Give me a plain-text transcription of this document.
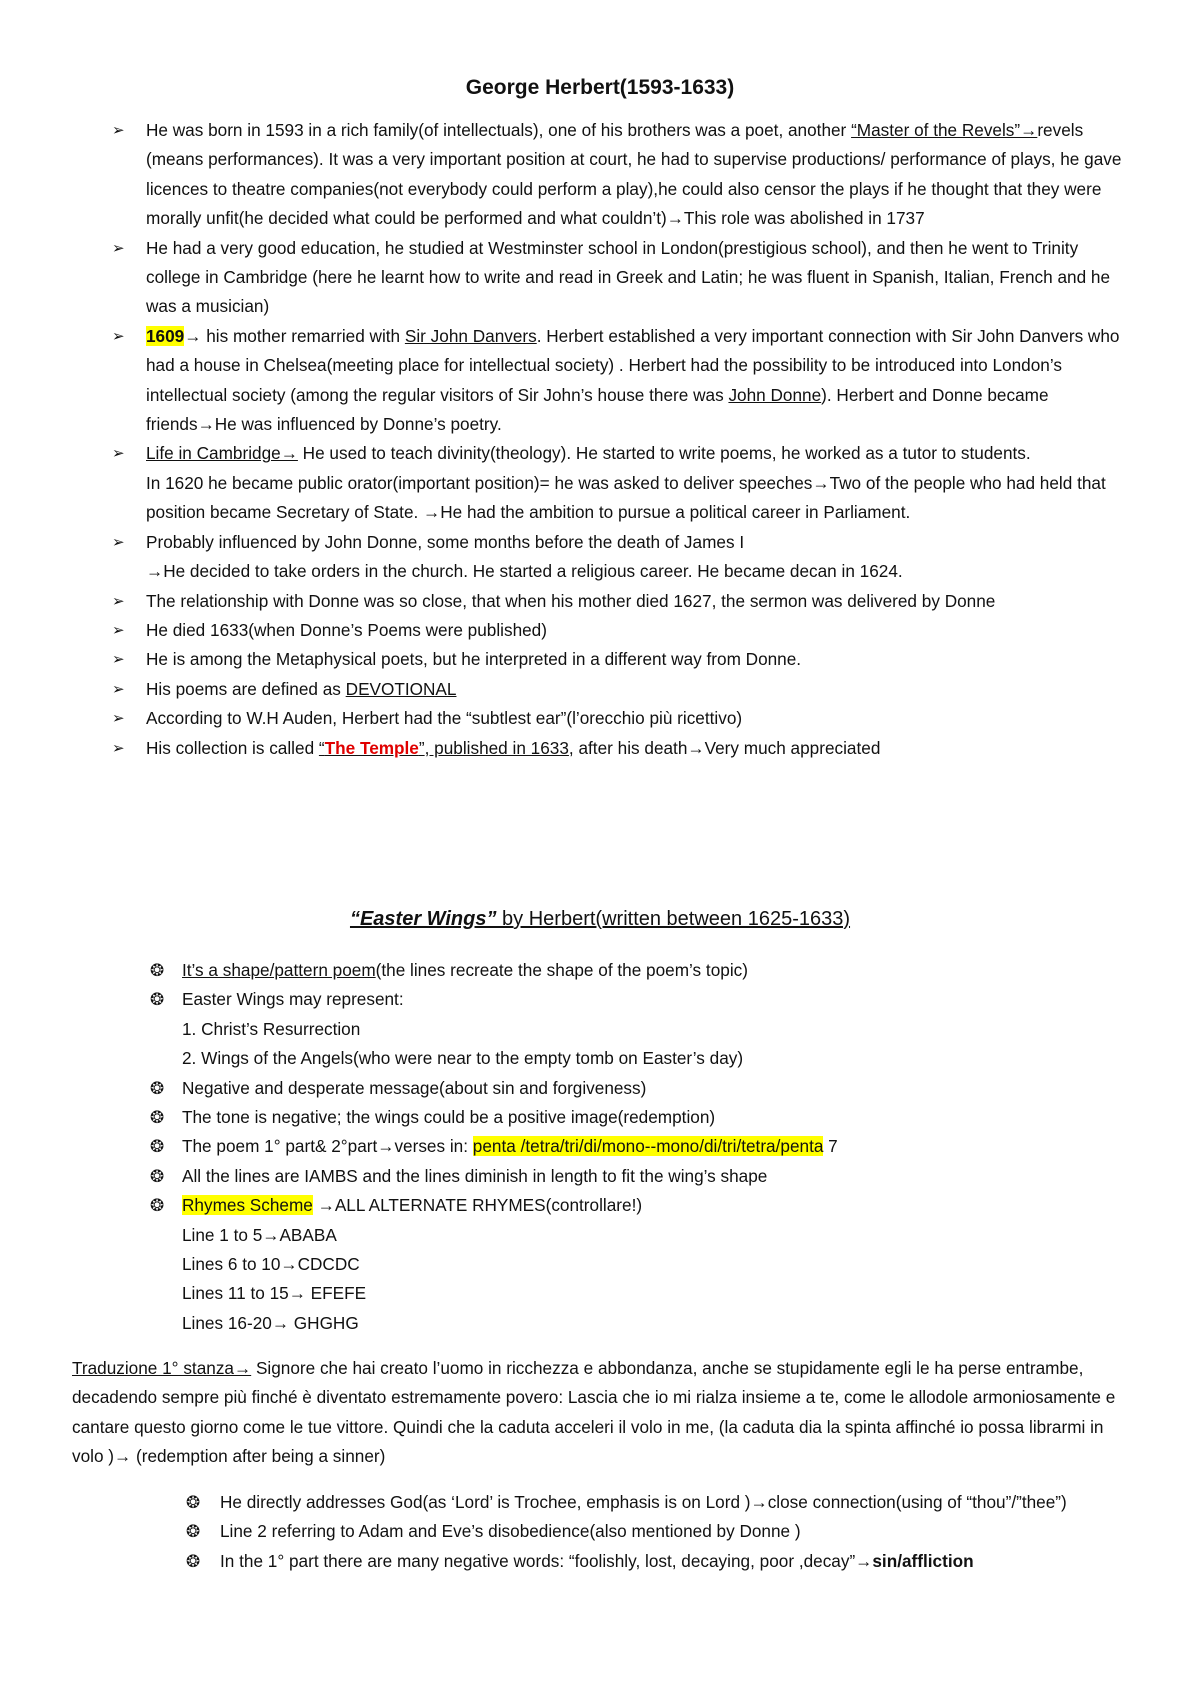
George Herbert(1593-1633)
➢ He was born in 1593 in a rich family(of intellectuals), one of his brothers was a poet, another “Master of the Revels”→revels (means performances). It was a very important position at court, he had to supervise productions/ performance of plays, he gave licences to theatre companies(not everybody could perform a play),he could also censor the plays if he thought that they were morally unfit(he decided what could be performed and what couldn’t)→This role was abolished in 1737
➢ He had a very good education, he studied at Westminster school in London(prestigious school), and then he went to Trinity college in Cambridge (here he learnt how to write and read in Greek and Latin; he was fluent in Spanish, Italian, French and he was a musician)
➢ 1609→ his mother remarried with Sir John Danvers. Herbert established a very important connection with Sir John Danvers who had a house in Chelsea(meeting place for intellectual society) . Herbert had the possibility to be introduced into London’s intellectual society (among the regular visitors of Sir John’s house there was John Donne). Herbert and Donne became friends→He was influenced by Donne’s poetry.
➢ Life in Cambridge→ He used to teach divinity(theology). He started to write poems, he worked as a tutor to students.
In 1620 he became public orator(important position)= he was asked to deliver speeches→Two of the people who had held that position became Secretary of State. →He had the ambition to pursue a political career in Parliament.
➢ Probably influenced by John Donne, some months before the death of James I
→He decided to take orders in the church. He started a religious career. He became decan in 1624.
➢ The relationship with Donne was so close, that when his mother died 1627, the sermon was delivered by Donne
➢ He died 1633(when Donne’s Poems were published)
➢ He is among the Metaphysical poets, but he interpreted in a different way from Donne.
➢ His poems are defined as DEVOTIONAL
➢ According to W.H Auden, Herbert had the “subtlest ear”(l’orecchio più ricettivo)
➢ His collection is called “The Temple”, published in 1633, after his death→Very much appreciated
“Easter Wings” by Herbert(written between 1625-1633)
❂ It’s a shape/pattern poem(the lines recreate the shape of the poem’s topic)
❂ Easter Wings may represent:
1. Christ’s Resurrection
2. Wings of the Angels(who were near to the empty tomb on Easter’s day)
❂ Negative and desperate message(about sin and forgiveness)
❂ The tone is negative; the wings could be a positive image(redemption)
❂ The poem 1° part& 2°part→verses in: penta /tetra/tri/di/mono--mono/di/tri/tetra/penta 7
❂ All the lines are IAMBS and the lines diminish in length to fit the wing’s shape
❂ Rhymes Scheme →ALL ALTERNATE RHYMES(controllare!)
Line 1 to 5→ABABA
Lines 6 to 10→CDCDC
Lines 11 to 15→ EFEFE
Lines 16-20→ GHGHG
Traduzione 1° stanza→ Signore che hai creato l’uomo in ricchezza e abbondanza, anche se stupidamente egli le ha perse entrambe, decadendo sempre più finché è diventato estremamente povero: Lascia che io mi rialza insieme a te, come le allodole armoniosamente e cantare questo giorno come le tue vittore. Quindi che la caduta acceleri il volo in me, (la caduta dia la spinta affinché io possa librarmi in volo )→ (redemption after being a sinner)
❂ He directly addresses God(as ‘Lord’ is Trochee, emphasis is on Lord )→close connection(using of “thou”/”thee”)
❂ Line 2 referring to Adam and Eve’s disobedience(also mentioned by Donne )
❂ In the 1° part there are many negative words: “foolishly, lost, decaying, poor ,decay”→sin/affliction
